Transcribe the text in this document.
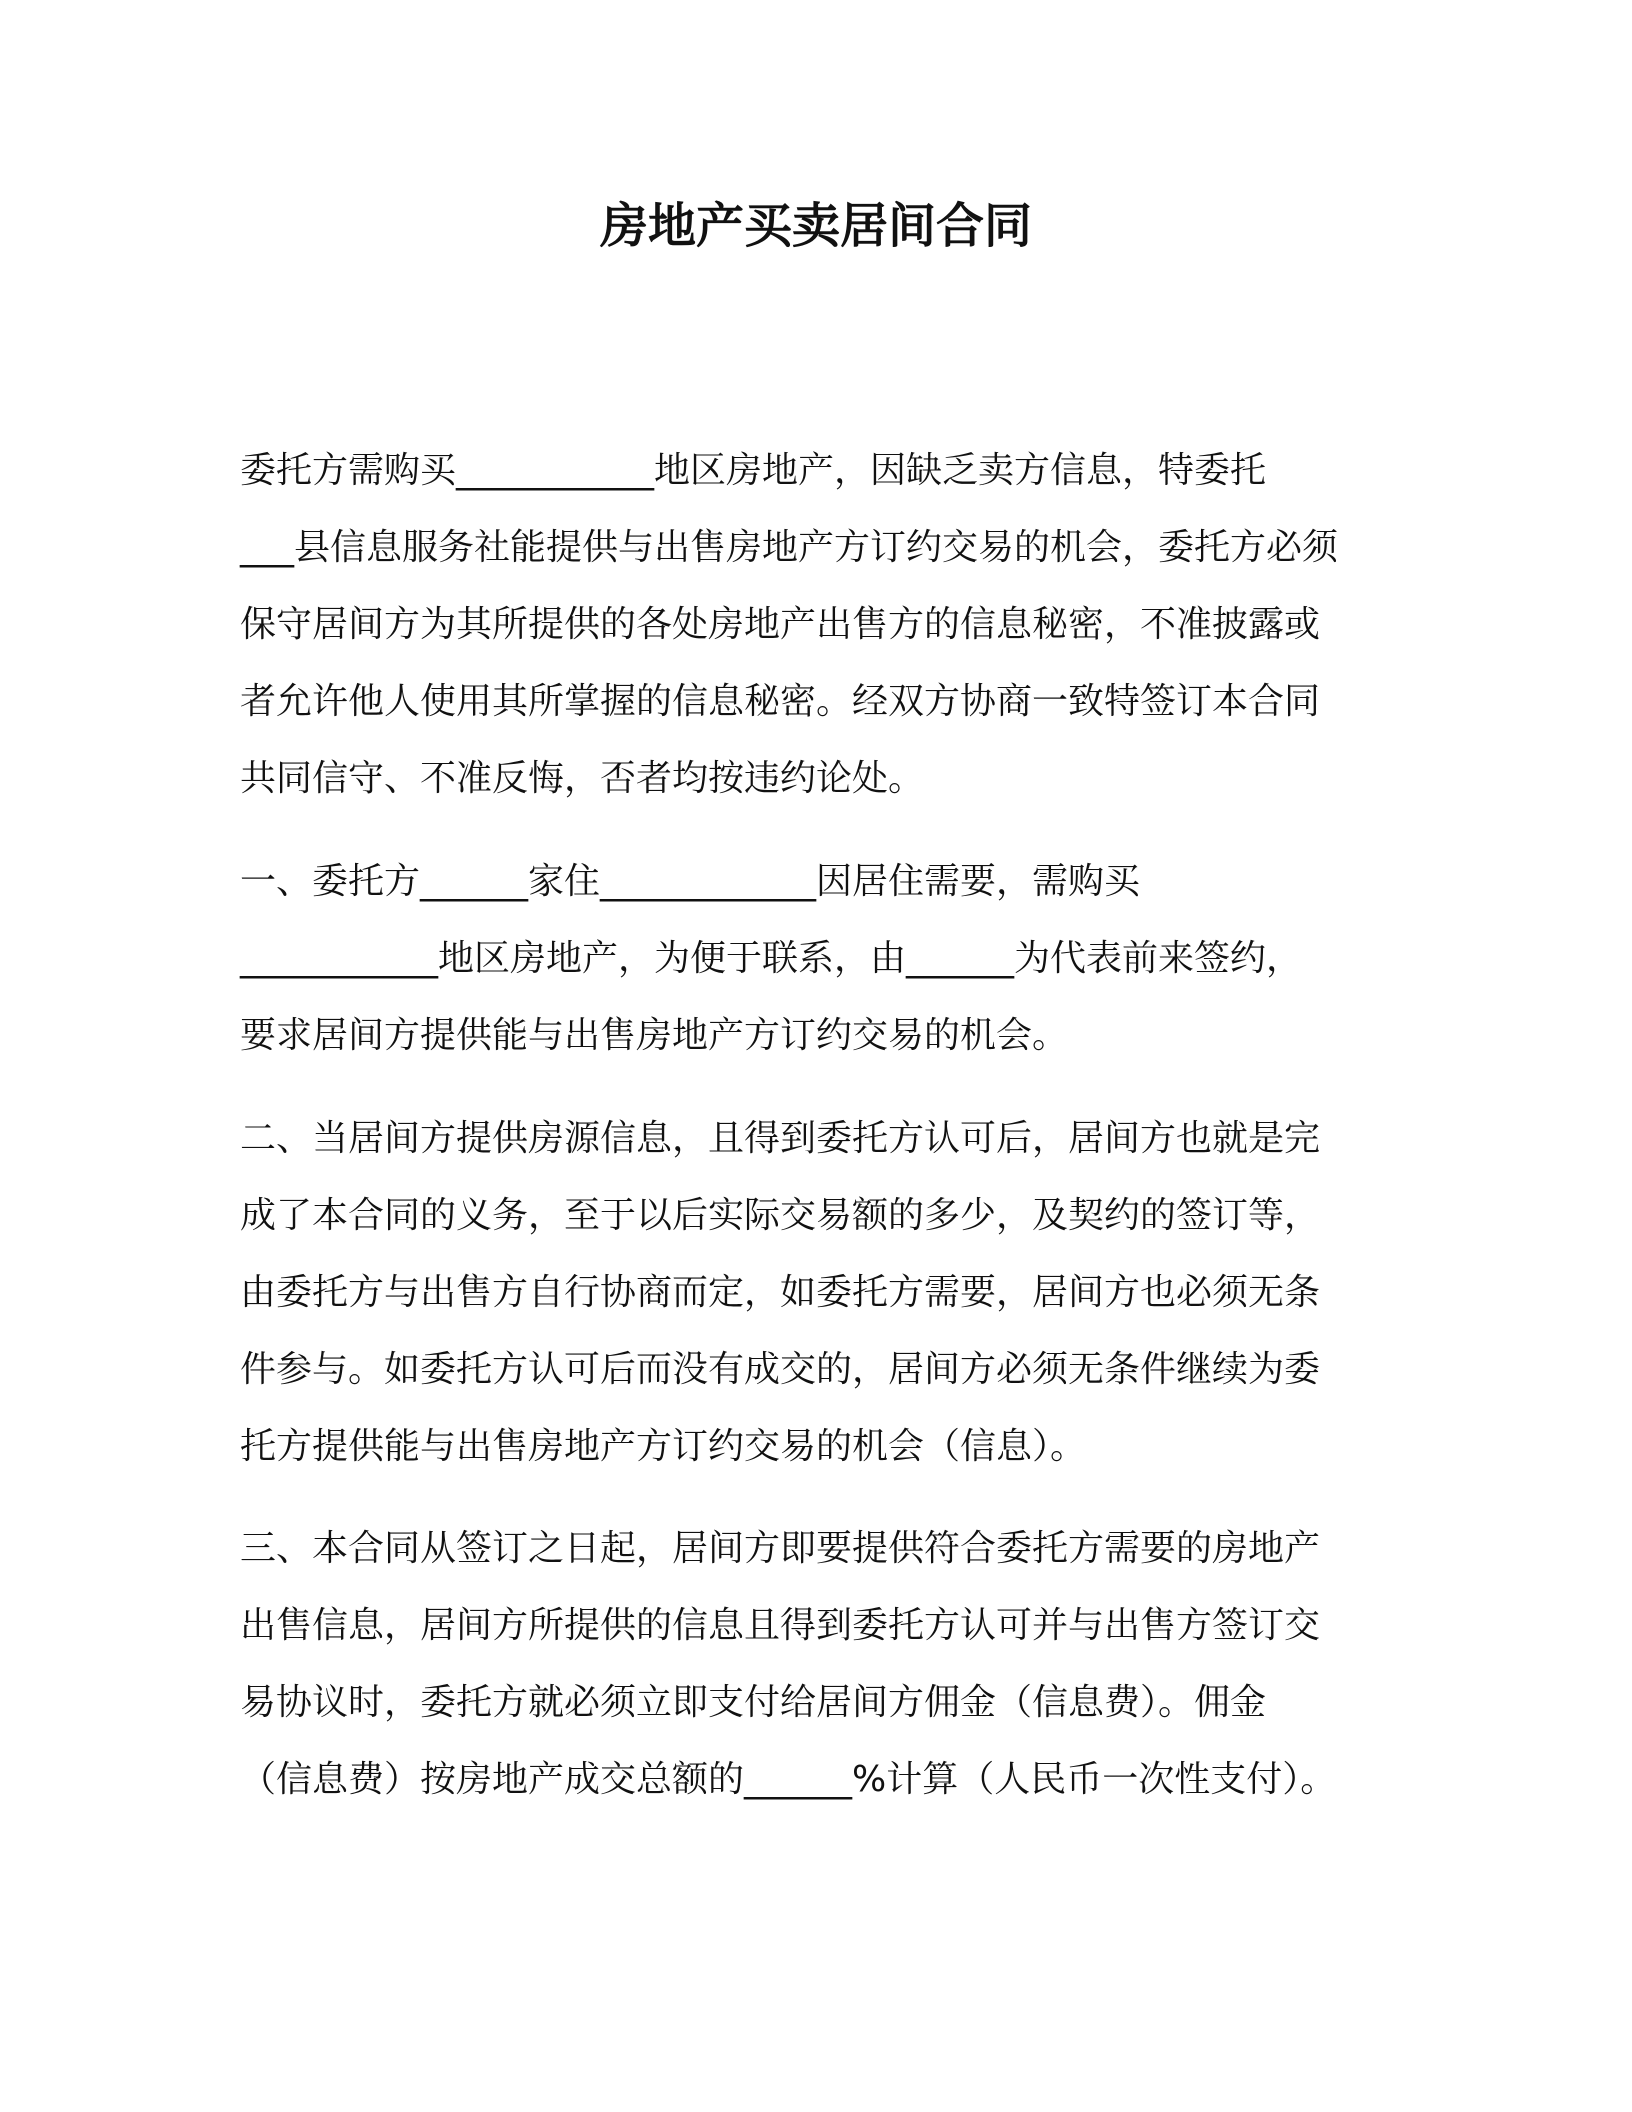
房地产买卖居间合同
委托方需购买___________地区房地产，因缺乏卖方信息，特委托
___县信息服务社能提供与出售房地产方订约交易的机会，委托方必须
保守居间方为其所提供的各处房地产出售方的信息秘密，不准披露或
者允许他人使用其所掌握的信息秘密。经双方协商一致特签订本合同
共同信守、不准反悔，否者均按违约论处。
一、委托方______家住____________因居住需要，需购买
___________地区房地产，为便于联系，由______为代表前来签约，
要求居间方提供能与出售房地产方订约交易的机会。
二、当居间方提供房源信息，且得到委托方认可后，居间方也就是完
成了本合同的义务，至于以后实际交易额的多少，及契约的签订等，
由委托方与出售方自行协商而定，如委托方需要，居间方也必须无条
件参与。如委托方认可后而没有成交的，居间方必须无条件继续为委
托方提供能与出售房地产方订约交易的机会（信息）。
三、本合同从签订之日起，居间方即要提供符合委托方需要的房地产
出售信息，居间方所提供的信息且得到委托方认可并与出售方签订交
易协议时，委托方就必须立即支付给居间方佣金（信息费）。佣金
（信息费）按房地产成交总额的______%计算（人民币一次性支付）。
